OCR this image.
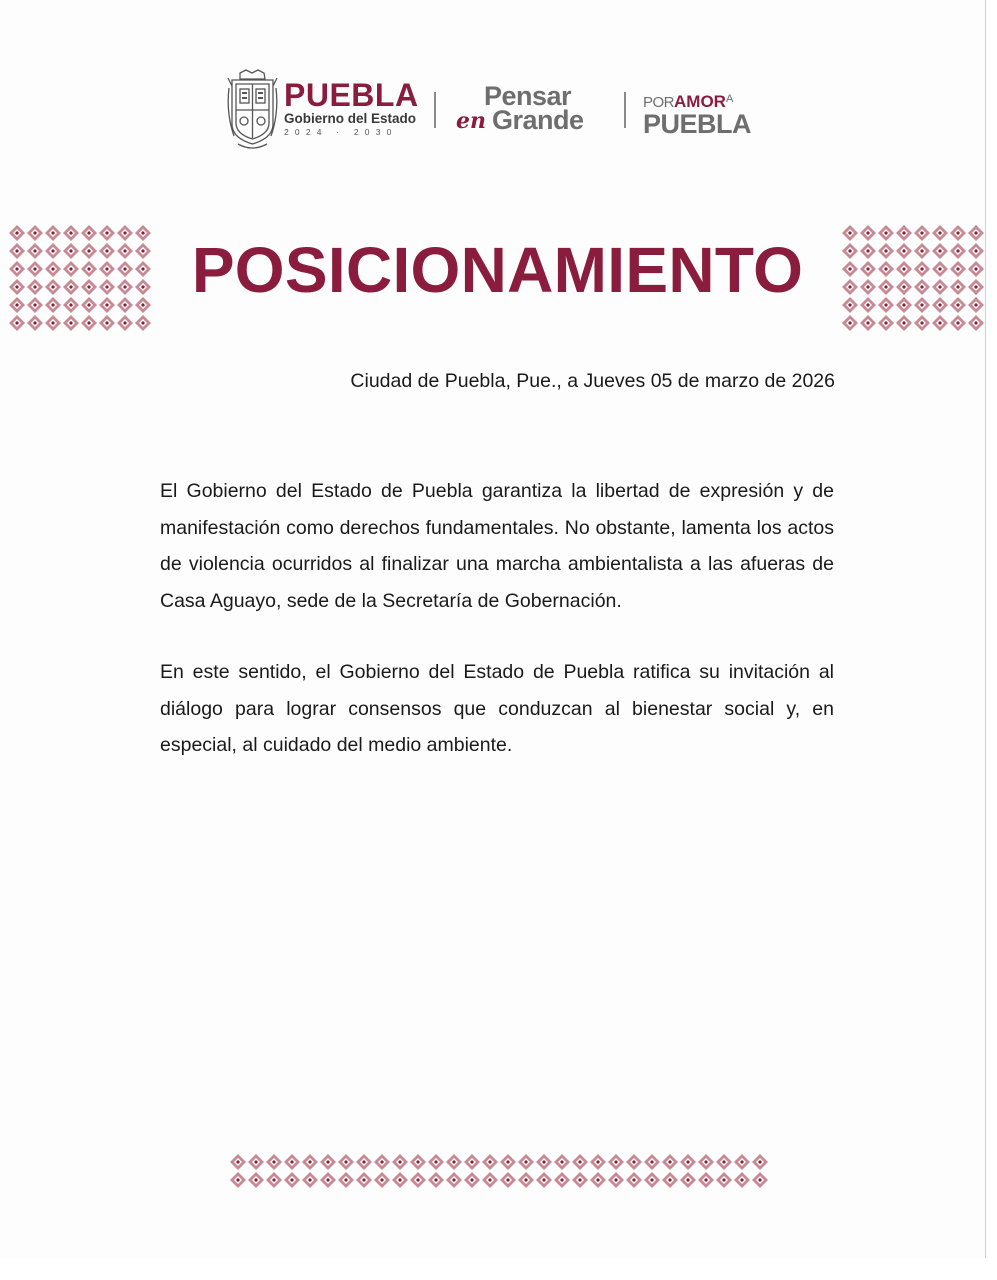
PUEBLA
Gobierno del Estado
2024 · 2030
Pensar
en Grande
$PORAMOR^A$
PUEBLA
POSICIONAMIENTO

Ciudad de Puebla, Pue., a Jueves 05 de marzo de 2026

El Gobierno del Estado de Puebla garantiza la libertad de expresión y de manifestación como derechos fundamentales. No obstante, lamenta los actos de violencia ocurridos al finalizar una marcha ambientalista a las afueras de Casa Aguayo, sede de la Secretaría de Gobernación.

En este sentido, el Gobierno del Estado de Puebla ratifica su invitación al diálogo para lograr consensos que conduzcan al bienestar social y, en especial, al cuidado del medio ambiente.
